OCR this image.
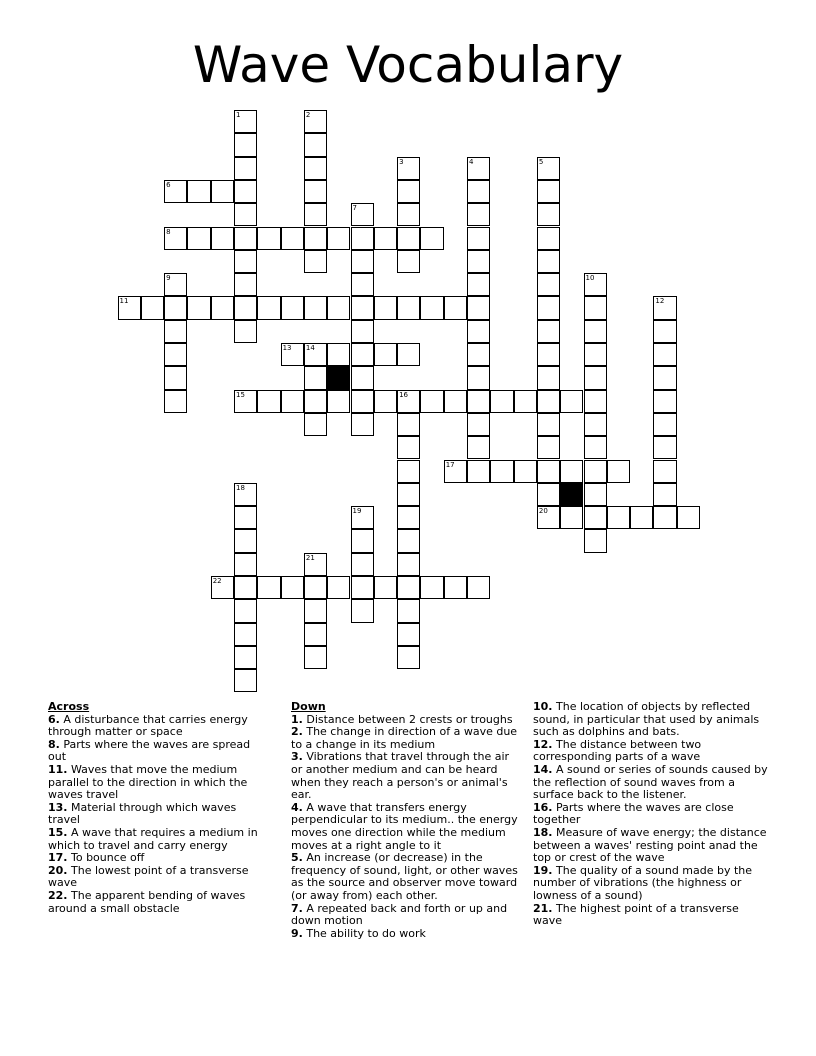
Wave Vocabulary
1	2
3	4	5
6
7
8
9	10
11	12
13 14
15	16
17
18
19	20
21
22
Across
6. A disturbance that carries energy through matter or space
8. Parts where the waves are spread out
11. Waves that move the medium parallel to the direction in which the waves travel
13. Material through which waves travel
15. A wave that requires a medium in which to travel and carry energy
17. To bounce off
20. The lowest point of a transverse wave
22. The apparent bending of waves around a small obstacle
Down
1. Distance between 2 crests or troughs
2. The change in direction of a wave due to a change in its medium
3. Vibrations that travel through the air or another medium and can be heard when they reach a person's or animal's ear.
4. A wave that transfers energy perpendicular to its medium.. the energy moves one direction while the medium moves at a right angle to it
5. An increase (or decrease) in the frequency of sound, light, or other waves as the source and observer move toward (or away from) each other.
7. A repeated back and forth or up and down motion
9. The ability to do work
10. The location of objects by reflected sound, in particular that used by animals such as dolphins and bats.
12. The distance between two corresponding parts of a wave
14. A sound or series of sounds caused by the reflection of sound waves from a surface back to the listener.
16. Parts where the waves are close together
18. Measure of wave energy; the distance between a waves' resting point anad the top or crest of the wave
19. The quality of a sound made by the number of vibrations (the highness or lowness of a sound)
21. The highest point of a transverse wave
